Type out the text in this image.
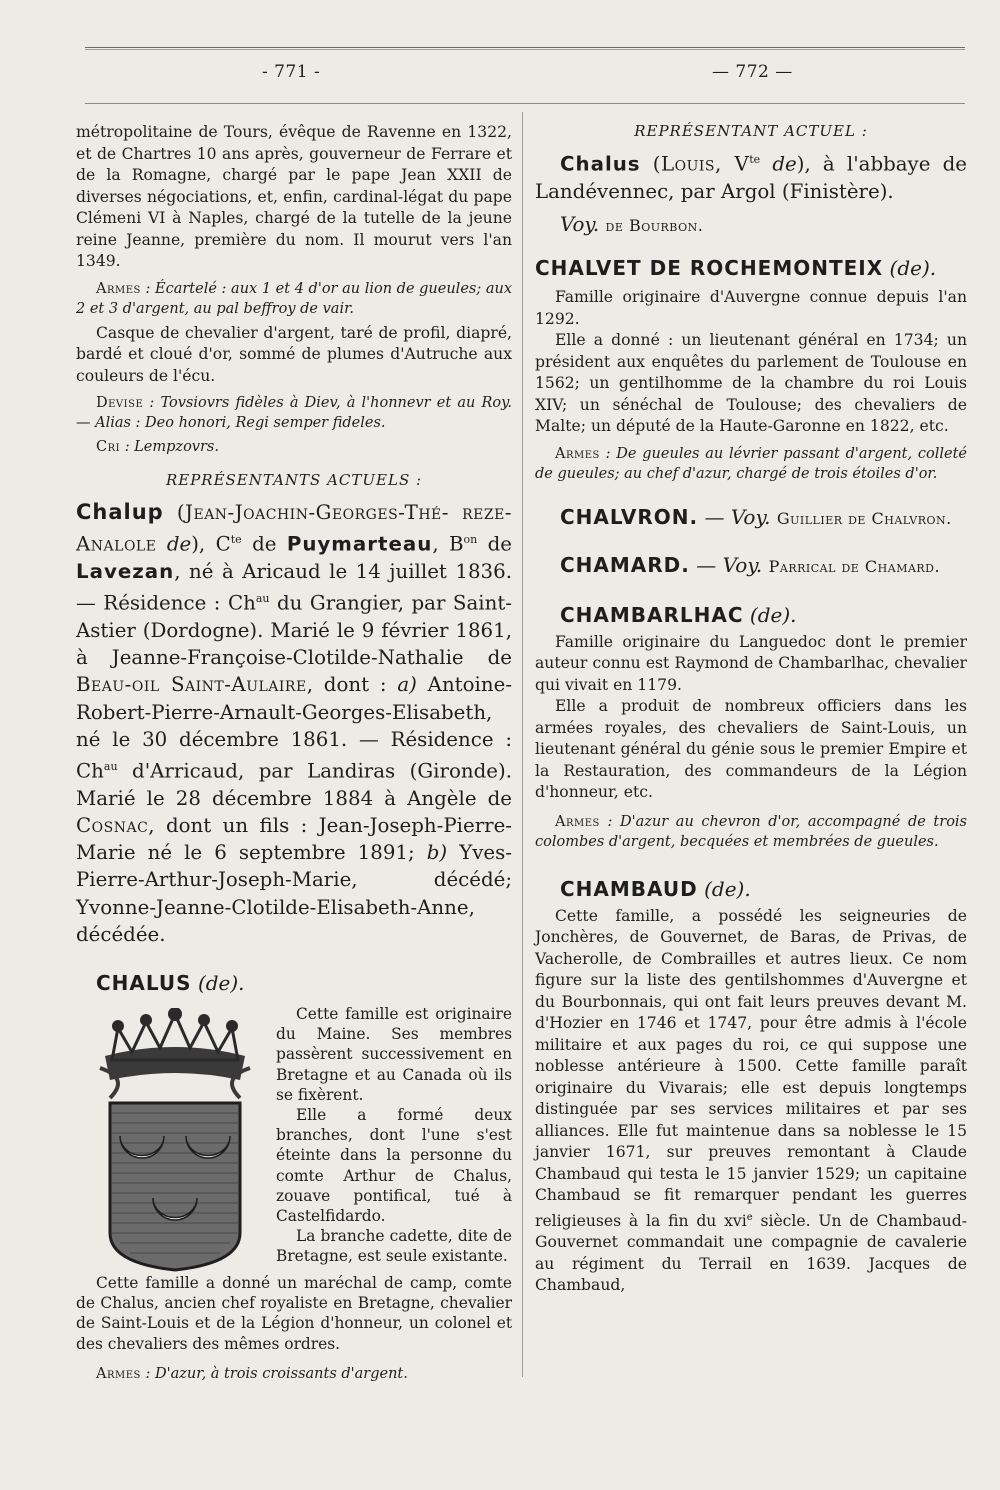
- 771 -	— 772 —

métropolitaine de Tours, évêque de Ravenne en 1322, et de Chartres 10 ans après, gouverneur de Ferrare et de la Romagne, chargé par le pape Jean XXII de diverses négociations, et, enfin, cardinal-légat du pape Clémeni VI à Naples, chargé de la tutelle de la jeune reine Jeanne, première du nom. Il mourut vers l'an 1349.

Armes : Écartelé : aux 1 et 4 d'or au lion de gueules; aux 2 et 3 d'argent, au pal beffroy de vair.

Casque de chevalier d'argent, taré de profil, diapré, bardé et cloué d'or, sommé de plumes d'Autruche aux couleurs de l'écu.

Devise : Tovsiovrs fidèles à Diev, à l'honnevr et au Roy. — Alias : Deo honori, Regi semper fideles.

Cri : Lempzovrs.

REPRÉSENTANTS ACTUELS :

Chalup (Jean-Joachin-Georges-Thé- reze-Analole de), $C^{te}$ de Puymarteau, $B^{on}$ de Lavezan, né à Aricaud le 14 juillet 1836. — Résidence : $Ch^{au}$ du Grangier, par Saint-Astier (Dordogne). Marié le 9 février 1861, à Jeanne-Françoise-Clotilde-Nathalie de Beau-oil Saint-Aulaire, dont : a) Antoine-Robert-Pierre-Arnault-Georges-Elisabeth, né le 30 décembre 1861. — Résidence : $Ch^{au}$ d'Arricaud, par Landiras (Gironde). Marié le 28 décembre 1884 à Angèle de Cosnac, dont un fils : Jean-Joseph-Pierre-Marie né le 6 septembre 1891; b) Yves-Pierre-Arthur-Joseph-Marie, décédé; Yvonne-Jeanne-Clotilde-Elisabeth-Anne, décédée.

CHALUS (de).

Cette famille est originaire du Maine. Ses membres passèrent successivement en Bretagne et au Canada où ils se fixèrent.

Elle a formé deux branches, dont l'une s'est éteinte dans la personne du comte Arthur de Chalus, zouave pontifical, tué à Castelfidardo.

La branche cadette, dite de Bretagne, est seule existante.

Cette famille a donné un maréchal de camp, comte de Chalus, ancien chef royaliste en Bretagne, chevalier de Saint-Louis et de la Légion d'honneur, un colonel et des chevaliers des mêmes ordres.

Armes : D'azur, à trois croissants d'argent.

REPRÉSENTANT ACTUEL :

Chalus (Louis, $V^{te}$ de), à l'abbaye de Landévennec, par Argol (Finistère).

Voy. de Bourbon.

CHALVET DE ROCHEMONTEIX (de).

Famille originaire d'Auvergne connue depuis l'an 1292.

Elle a donné : un lieutenant général en 1734; un président aux enquêtes du parlement de Toulouse en 1562; un gentilhomme de la chambre du roi Louis XIV; un sénéchal de Toulouse; des chevaliers de Malte; un député de la Haute-Garonne en 1822, etc.

Armes : De gueules au lévrier passant d'argent, colleté de gueules; au chef d'azur, chargé de trois étoiles d'or.

CHALVRON. — Voy. Guillier de Chalvron.

CHAMARD. — Voy. Parrical de Chamard.

CHAMBARLHAC (de).

Famille originaire du Languedoc dont le premier auteur connu est Raymond de Chambarlhac, chevalier qui vivait en 1179.

Elle a produit de nombreux officiers dans les armées royales, des chevaliers de Saint-Louis, un lieutenant général du génie sous le premier Empire et la Restauration, des commandeurs de la Légion d'honneur, etc.

Armes : D'azur au chevron d'or, accompagné de trois colombes d'argent, becquées et membrées de gueules.

CHAMBAUD (de).

Cette famille, a possédé les seigneuries de Jonchères, de Gouvernet, de Baras, de Privas, de Vacherolle, de Combrailles et autres lieux. Ce nom figure sur la liste des gentilshommes d'Auvergne et du Bourbonnais, qui ont fait leurs preuves devant M. d'Hozier en 1746 et 1747, pour être admis à l'école militaire et aux pages du roi, ce qui suppose une noblesse antérieure à 1500. Cette famille paraît originaire du Vivarais; elle est depuis longtemps distinguée par ses services militaires et par ses alliances. Elle fut maintenue dans sa noblesse le 15 janvier 1671, sur preuves remontant à Claude Chambaud qui testa le 15 janvier 1529; un capitaine Chambaud se fit remarquer pendant les guerres religieuses à la fin du xvi$^e$ siècle. Un de Chambaud-Gouvernet commandait une compagnie de cavalerie au régiment du Terrail en 1639. Jacques de Chambaud,
